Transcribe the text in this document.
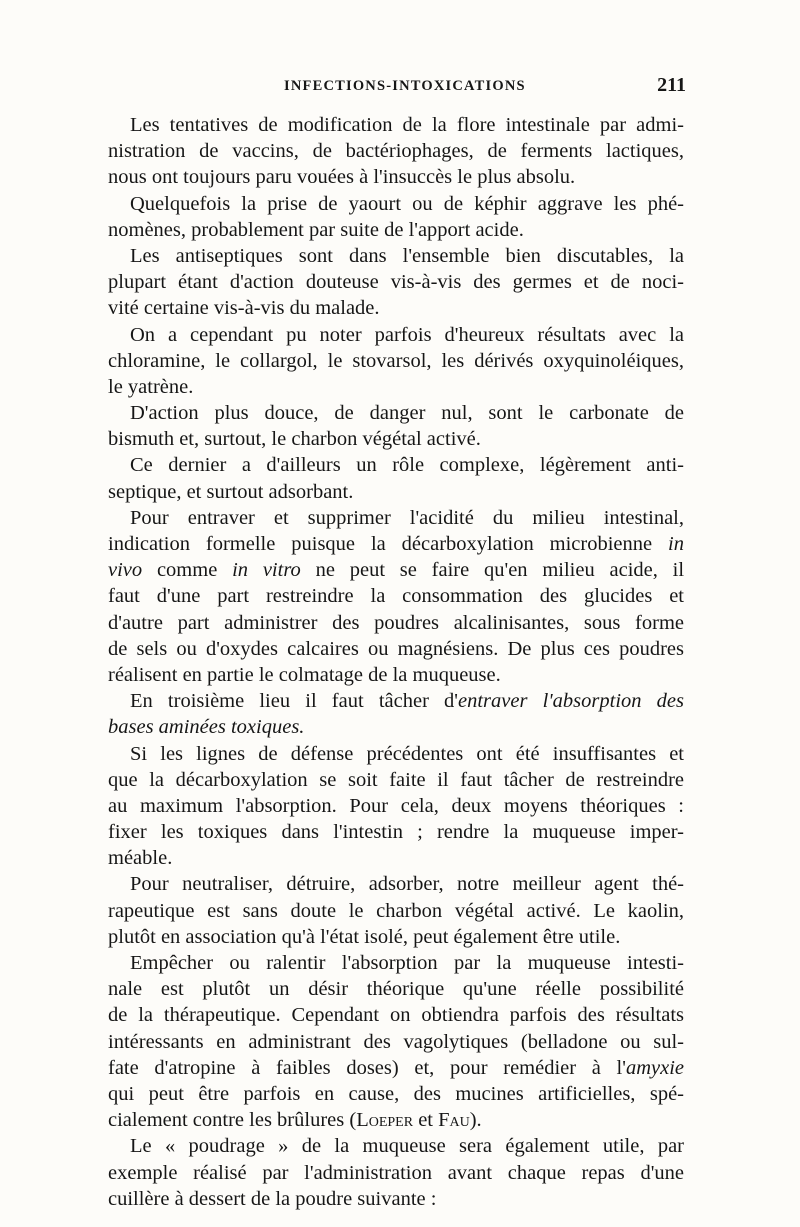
INFECTIONS-INTOXICATIONS	211
Les tentatives de modification de la flore intestinale par admi-
nistration de vaccins, de bactériophages, de ferments lactiques,
nous ont toujours paru vouées à l'insuccès le plus absolu.
Quelquefois la prise de yaourt ou de képhir aggrave les phé-
nomènes, probablement par suite de l'apport acide.
Les antiseptiques sont dans l'ensemble bien discutables, la
plupart étant d'action douteuse vis-à-vis des germes et de noci-
vité certaine vis-à-vis du malade.
On a cependant pu noter parfois d'heureux résultats avec la
chloramine, le collargol, le stovarsol, les dérivés oxyquinoléiques,
le yatrène.
D'action plus douce, de danger nul, sont le carbonate de
bismuth et, surtout, le charbon végétal activé.
Ce dernier a d'ailleurs un rôle complexe, légèrement anti-
septique, et surtout adsorbant.
Pour entraver et supprimer l'acidité du milieu intestinal,
indication formelle puisque la décarboxylation microbienne in
vivo comme in vitro ne peut se faire qu'en milieu acide, il
faut d'une part restreindre la consommation des glucides et
d'autre part administrer des poudres alcalinisantes, sous forme
de sels ou d'oxydes calcaires ou magnésiens. De plus ces poudres
réalisent en partie le colmatage de la muqueuse.
En troisième lieu il faut tâcher d'entraver l'absorption des
bases aminées toxiques.
Si les lignes de défense précédentes ont été insuffisantes et
que la décarboxylation se soit faite il faut tâcher de restreindre
au maximum l'absorption. Pour cela, deux moyens théoriques :
fixer les toxiques dans l'intestin ; rendre la muqueuse imper-
méable.
Pour neutraliser, détruire, adsorber, notre meilleur agent thé-
rapeutique est sans doute le charbon végétal activé. Le kaolin,
plutôt en association qu'à l'état isolé, peut également être utile.
Empêcher ou ralentir l'absorption par la muqueuse intesti-
nale est plutôt un désir théorique qu'une réelle possibilité
de la thérapeutique. Cependant on obtiendra parfois des résultats
intéressants en administrant des vagolytiques (belladone ou sul-
fate d'atropine à faibles doses) et, pour remédier à l'amyxie
qui peut être parfois en cause, des mucines artificielles, spé-
cialement contre les brûlures (Loeper et Fau).
Le « poudrage » de la muqueuse sera également utile, par
exemple réalisé par l'administration avant chaque repas d'une
cuillère à dessert de la poudre suivante :
